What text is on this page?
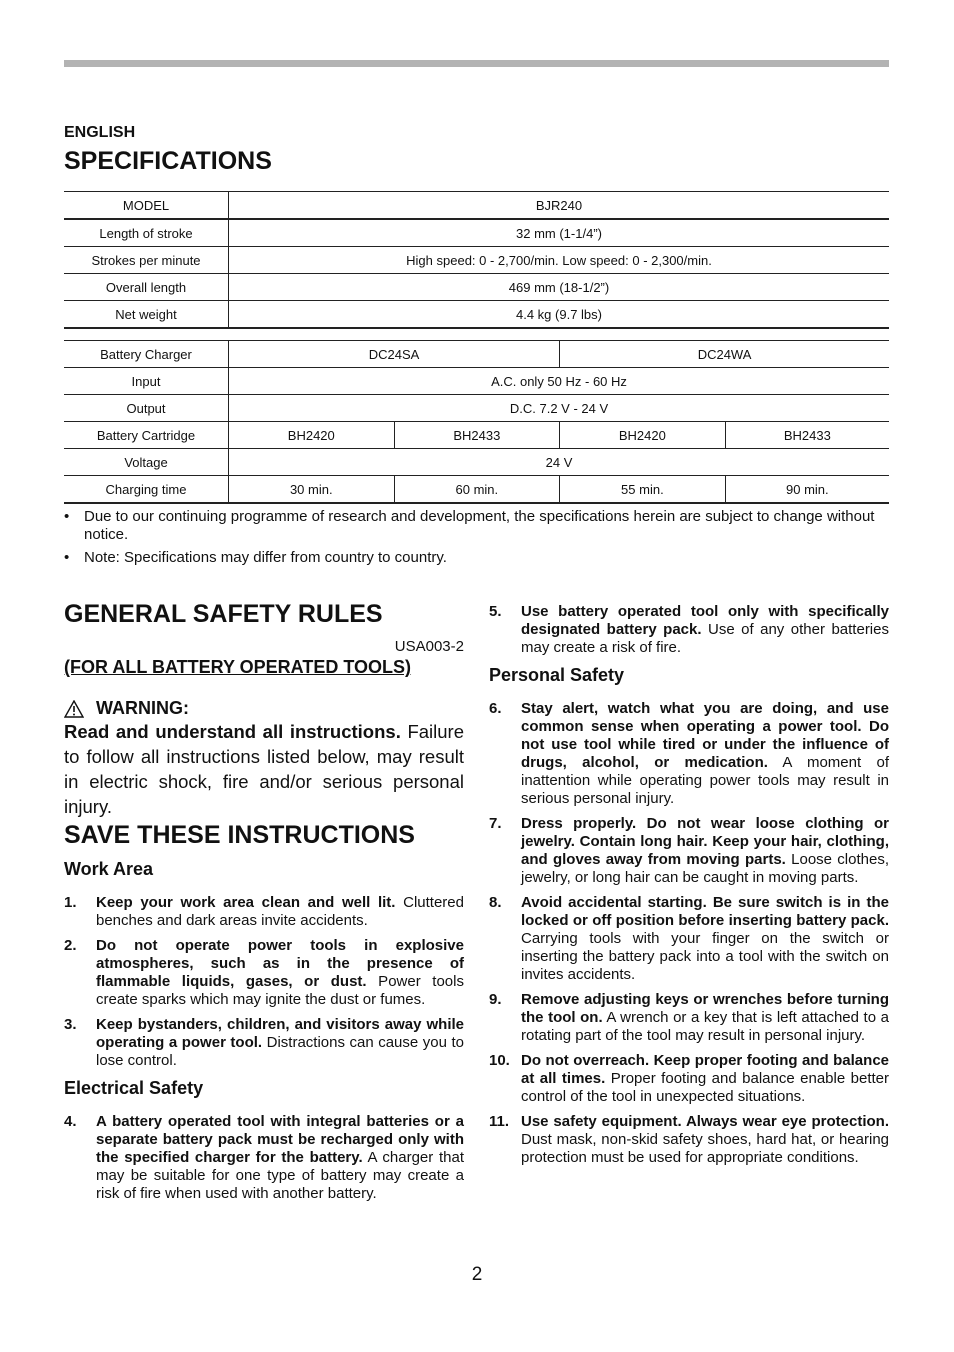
ENGLISH
SPECIFICATIONS
MODEL	BJR240
Length of stroke	32 mm (1-1/4”)
Strokes per minute	High speed: 0 - 2,700/min. Low speed: 0 - 2,300/min.
Overall length	469 mm (18-1/2”)
Net weight	4.4 kg (9.7 lbs)
Battery Charger	DC24SA		DC24WA	
Input	A.C. only 50 Hz - 60 Hz			
Output	D.C. 7.2 V - 24 V			
Battery Cartridge	BH2420	BH2433	BH2420	BH2433
Voltage	24 V			
Charging time	30 min.	60 min.	55 min.	90 min.
• Due to our continuing programme of research and development, the specifications herein are subject to change without notice.
• Note: Specifications may differ from country to country.
GENERAL SAFETY RULES
USA003-2
(FOR ALL BATTERY OPERATED TOOLS)
WARNING:
Read and understand all instructions. Failure to follow all instructions listed below, may result in electric shock, fire and/or serious personal injury.
SAVE THESE INSTRUCTIONS
Work Area
1. Keep your work area clean and well lit. Cluttered benches and dark areas invite accidents.
2. Do not operate power tools in explosive atmospheres, such as in the presence of flammable liquids, gases, or dust. Power tools create sparks which may ignite the dust or fumes.
3. Keep bystanders, children, and visitors away while operating a power tool. Distractions can cause you to lose control.
Electrical Safety
4. A battery operated tool with integral batteries or a separate battery pack must be recharged only with the specified charger for the battery. A charger that may be suitable for one type of battery may create a risk of fire when used with another battery.
5. Use battery operated tool only with specifically designated battery pack. Use of any other batteries may create a risk of fire.
Personal Safety
6. Stay alert, watch what you are doing, and use common sense when operating a power tool. Do not use tool while tired or under the influence of drugs, alcohol, or medication. A moment of inattention while operating power tools may result in serious personal injury.
7. Dress properly. Do not wear loose clothing or jewelry. Contain long hair. Keep your hair, clothing, and gloves away from moving parts. Loose clothes, jewelry, or long hair can be caught in moving parts.
8. Avoid accidental starting. Be sure switch is in the locked or off position before inserting battery pack. Carrying tools with your finger on the switch or inserting the battery pack into a tool with the switch on invites accidents.
9. Remove adjusting keys or wrenches before turning the tool on. A wrench or a key that is left attached to a rotating part of the tool may result in personal injury.
10. Do not overreach. Keep proper footing and balance at all times. Proper footing and balance enable better control of the tool in unexpected situations.
11. Use safety equipment. Always wear eye protection. Dust mask, non-skid safety shoes, hard hat, or hearing protection must be used for appropriate conditions.
2
